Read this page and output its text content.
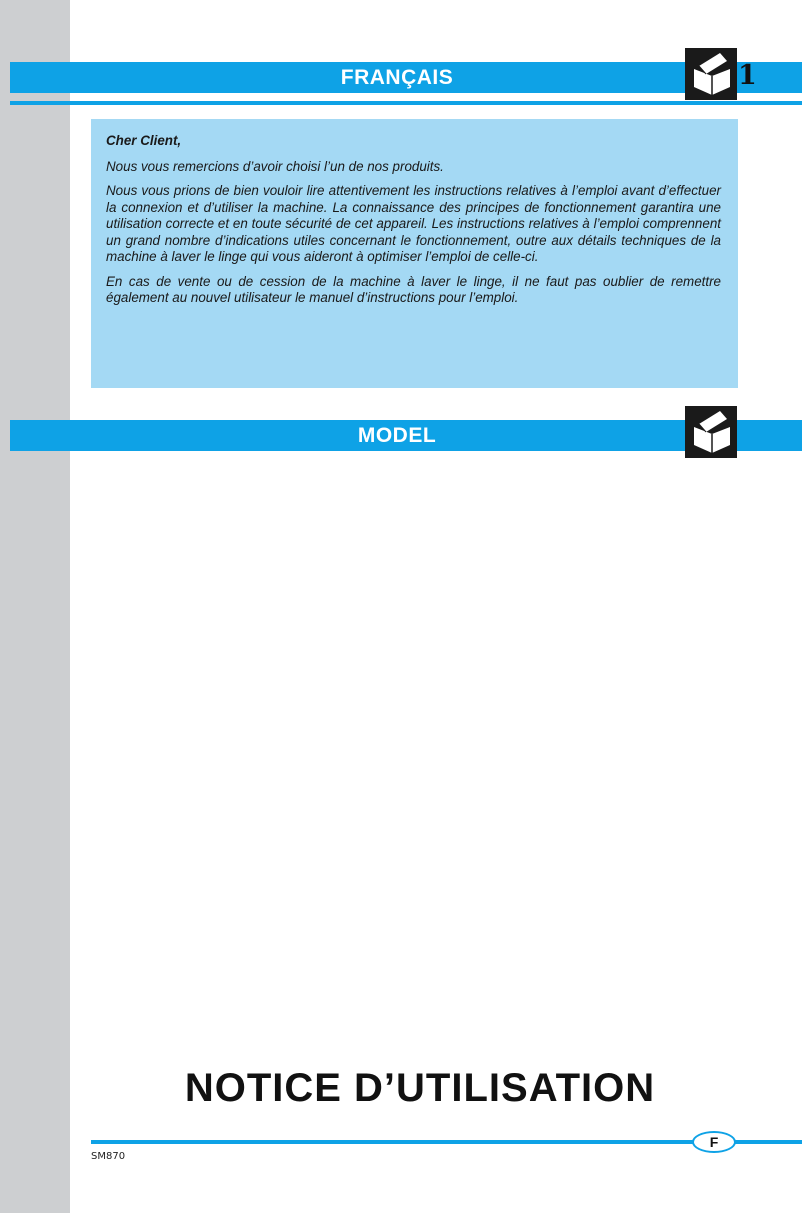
FRANÇAIS	1

Cher Client,

Nous vous remercions d’avoir choisi l’un de nos produits.

Nous vous prions de bien vouloir lire attentivement les instructions relatives à l’emploi avant d’effectuer la connexion et d’utiliser la machine. La connaissance des principes de fonctionnement garantira une utilisation correcte et en toute sécurité de cet appareil. Les instructions relatives à l’emploi comprennent un grand nombre d’indications utiles concernant le fonctionnement, outre aux détails techniques de la machine à laver le linge qui vous aideront à optimiser l’emploi de celle-ci.

En cas de vente ou de cession de la machine à laver le linge, il ne faut pas oublier de remettre également au nouvel utilisateur le manuel d’instructions pour l’emploi.

MODEL
NOTICE D’UTILISATION
F
SM870
